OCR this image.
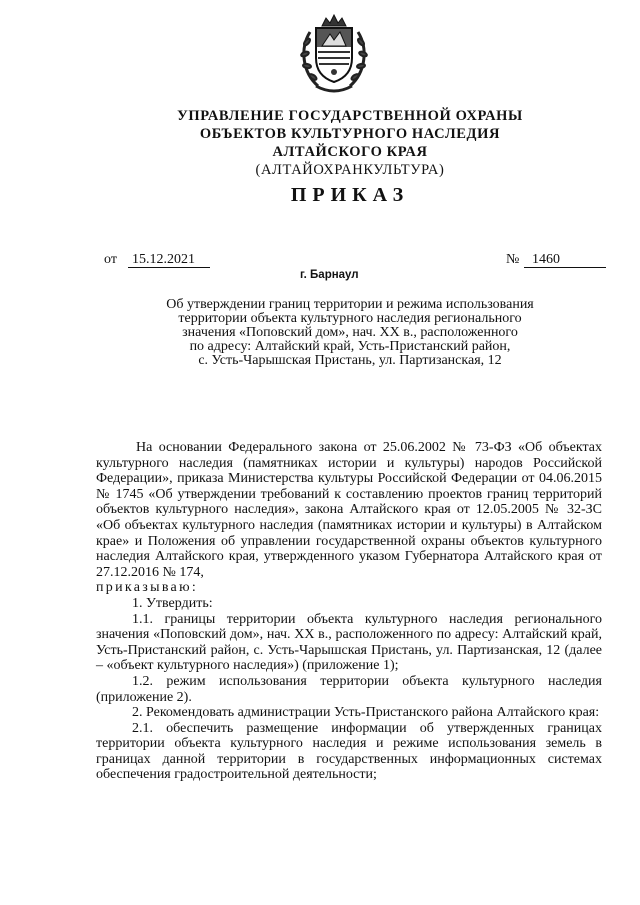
УПРАВЛЕНИЕ ГОСУДАРСТВЕННОЙ ОХРАНЫ
ОБЪЕКТОВ КУЛЬТУРНОГО НАСЛЕДИЯ
АЛТАЙСКОГО КРАЯ
(АЛТАЙОХРАНКУЛЬТУРА)
ПРИКАЗ
от 15.12.2021	№ 1460
г. Барнаул
Об утверждении границ территории и режима использования
территории объекта культурного наследия регионального
значения «Поповский дом», нач. XX в., расположенного
по адресу: Алтайский край, Усть-Пристанский район,
с. Усть-Чарышская Пристань, ул. Партизанская, 12

На основании Федерального закона от 25.06.2002 № 73-ФЗ «Об объектах культурного наследия (памятниках истории и культуры) народов Российской Федерации», приказа Министерства культуры Российской Федерации от 04.06.2015 № 1745 «Об утверждении требований к составлению проектов границ территорий объектов культурного наследия», закона Алтайского края от 12.05.2005 № 32-ЗС «Об объектах культурного наследия (памятниках истории и культуры) в Алтайском крае» и Положения об управлении государственной охраны объектов культурного наследия Алтайского края, утвержденного указом Губернатора Алтайского края от 27.12.2016 № 174,

приказываю:

1. Утвердить:

1.1. границы территории объекта культурного наследия регионального значения «Поповский дом», нач. XX в., расположенного по адресу: Алтайский край, Усть-Пристанский район, с. Усть-Чарышская Пристань, ул. Партизанская, 12 (далее – «объект культурного наследия») (приложение 1);

1.2. режим использования территории объекта культурного наследия (приложение 2).

2. Рекомендовать администрации Усть-Пристанского района Алтайского края:

2.1. обеспечить размещение информации об утвержденных границах территории объекта культурного наследия и режиме использования земель в границах данной территории в государственных информационных системах обеспечения градостроительной деятельности;
